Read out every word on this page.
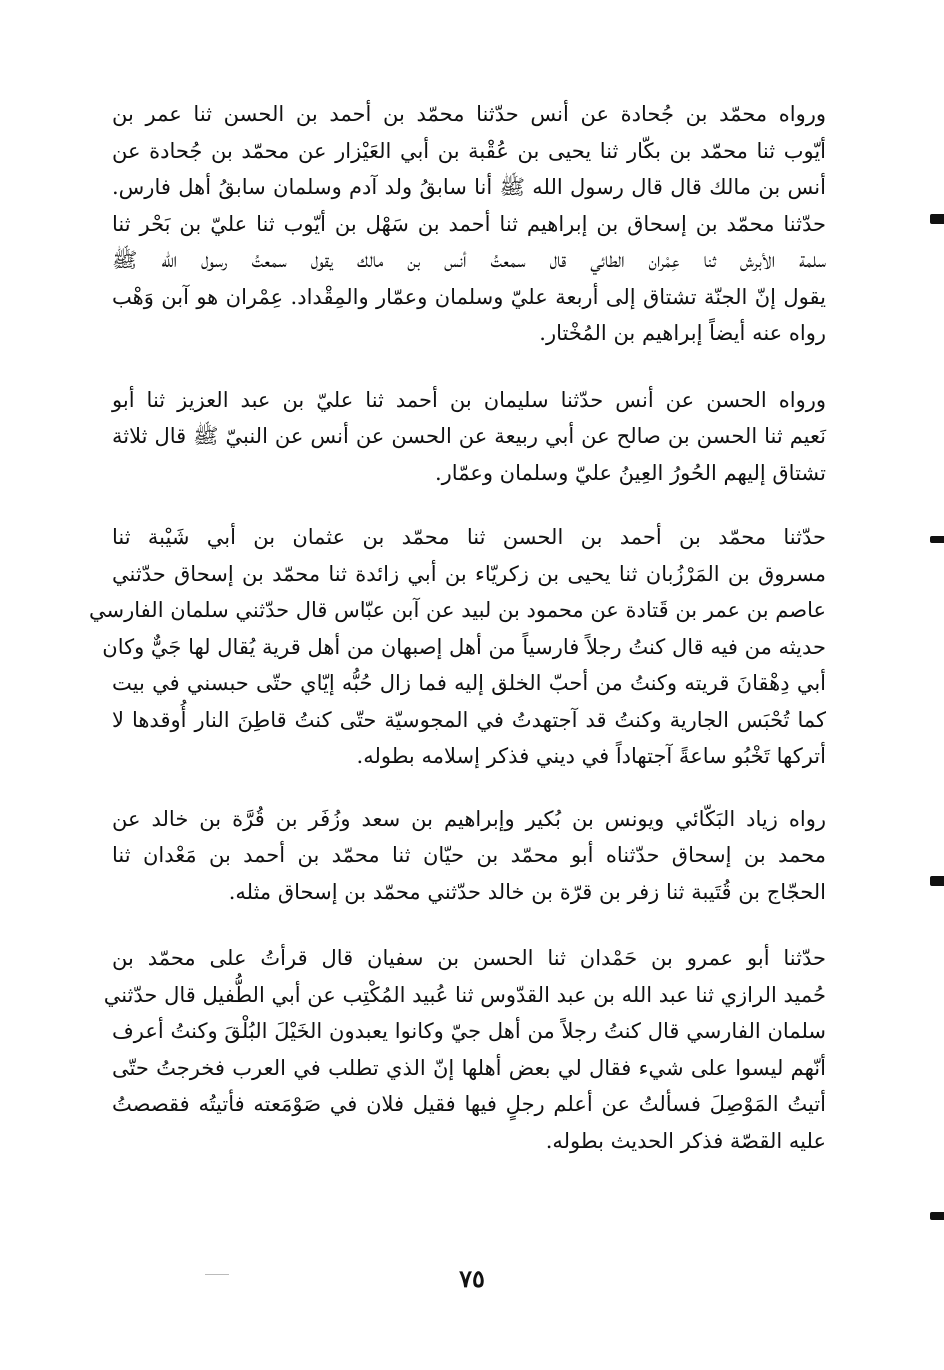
ورواه محمّد بن جُحادة عن أنس حدّثنا محمّد بن أحمد بن الحسن ثنا عمر بن
أيّوب ثنا محمّد بن بكّار ثنا يحيى بن عُقْبة بن أبي العَيْزار عن محمّد بن جُحادة عن
أنس بن مالك قال قال رسول الله ﷺ أنا سابقُ ولد آدم وسلمان سابقُ أهل فارس.
حدّثنا محمّد بن إسحاق بن إبراهيم ثنا أحمد بن سَهْل بن أيّوب ثنا عليّ بن بَحْر ثنا
سلمة الأبرش ثنا عِمْران الطائي قال سمعتُ أنس بن مالك يقول سمعتُ رسول الله ﷺ
يقول إنّ الجنّة تشتاق إلى أربعة عليّ وسلمان وعمّار والمِقْداد. عِمْران هو آبن وَهْب
رواه عنه أيضاً إبراهيم بن المُخْتار.

ورواه الحسن عن أنس حدّثنا سليمان بن أحمد ثنا عليّ بن عبد العزيز ثنا أبو
نَعيم ثنا الحسن بن صالح عن أبي ربيعة عن الحسن عن أنس عن النبيّ ﷺ قال ثلاثة
تشتاق إليهم الحُورُ العِينُ عليّ وسلمان وعمّار.

حدّثنا محمّد بن أحمد بن الحسن ثنا محمّد بن عثمان بن أبي شَيْبة ثنا
مسروق بن المَرْزُبان ثنا يحيى بن زكريّاء بن أبي زائدة ثنا محمّد بن إسحاق حدّثني
عاصم بن عمر بن قَتادة عن محمود بن لبيد عن آبن عبّاس قال حدّثني سلمان الفارسي
حديثه من فيه قال كنتُ رجلاً فارسياً من أهل إصبهان من أهل قرية يُقال لها جَيٌّ وكان
أبي دِهْقانَ قريته وكنتُ من أحبّ الخلق إليه فما زال حُبُّه إيّاي حتّى حبسني في بيت
كما تُحْبَس الجارية وكنتُ قد آجتهدتُ في المجوسيّة حتّى كنتُ قاطِنَ النار أُوقدها لا
أتركها تَخْبُو ساعةً آجتهاداً في ديني فذكر إسلامه بطوله.

رواه زياد البَكّائي ويونس بن بُكير وإبراهيم بن سعد وزُفَر بن قُرَّة بن خالد عن
محمد بن إسحاق حدّثناه أبو محمّد بن حيّان ثنا محمّد بن أحمد بن مَعْدان ثنا
الحجّاج بن قُتَيبة ثنا زفر بن قرّة بن خالد حدّثني محمّد بن إسحاق مثله.

حدّثنا أبو عمرو بن حَمْدان ثنا الحسن بن سفيان قال قرأتُ على محمّد بن
حُميد الرازي ثنا عبد الله بن عبد القدّوس ثنا عُبيد المُكْتِب عن أبي الطُّفيل قال حدّثني
سلمان الفارسي قال كنتُ رجلاً من أهل جيّ وكانوا يعبدون الخَيْلَ البُلْقَ وكنتُ أعرف
أنّهم ليسوا على شيء فقال لي بعض أهلها إنّ الذي تطلب في العرب فخرجتُ حتّى
أتيتُ المَوْصِلَ فسألتُ عن أعلم رجلٍ فيها فقيل فلان في صَوْمَعته فأتيتُه فقصصتُ
عليه القصّة فذكر الحديث بطوله.

٧٥
